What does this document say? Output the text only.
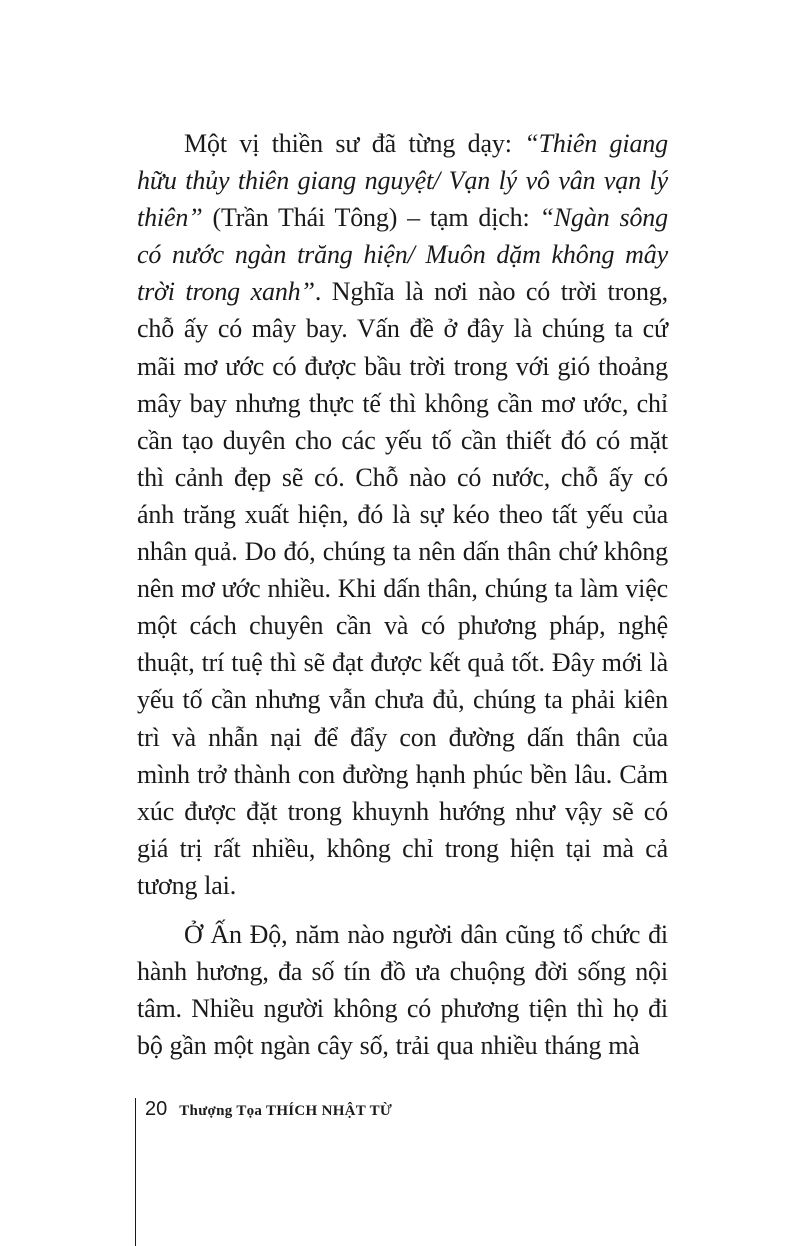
Một vị thiền sư đã từng dạy: “Thiên giang hữu thủy thiên giang nguyệt/ Vạn lý vô vân vạn lý thiên” (Trần Thái Tông) – tạm dịch: “Ngàn sông có nước ngàn trăng hiện/ Muôn dặm không mây trời trong xanh”. Nghĩa là nơi nào có trời trong, chỗ ấy có mây bay. Vấn đề ở đây là chúng ta cứ mãi mơ ước có được bầu trời trong với gió thoảng mây bay nhưng thực tế thì không cần mơ ước, chỉ cần tạo duyên cho các yếu tố cần thiết đó có mặt thì cảnh đẹp sẽ có. Chỗ nào có nước, chỗ ấy có ánh trăng xuất hiện, đó là sự kéo theo tất yếu của nhân quả. Do đó, chúng ta nên dấn thân chứ không nên mơ ước nhiều. Khi dấn thân, chúng ta làm việc một cách chuyên cần và có phương pháp, nghệ thuật, trí tuệ thì sẽ đạt được kết quả tốt. Đây mới là yếu tố cần nhưng vẫn chưa đủ, chúng ta phải kiên trì và nhẫn nại để đẩy con đường dấn thân của mình trở thành con đường hạnh phúc bền lâu. Cảm xúc được đặt trong khuynh hướng như vậy sẽ có giá trị rất nhiều, không chỉ trong hiện tại mà cả tương lai.

Ở Ấn Độ, năm nào người dân cũng tổ chức đi hành hương, đa số tín đồ ưa chuộng đời sống nội tâm. Nhiều người không có phương tiện thì họ đi bộ gần một ngàn cây số, trải qua nhiều tháng mà

20 Thượng Tọa THÍCH NHẬT TỪ
